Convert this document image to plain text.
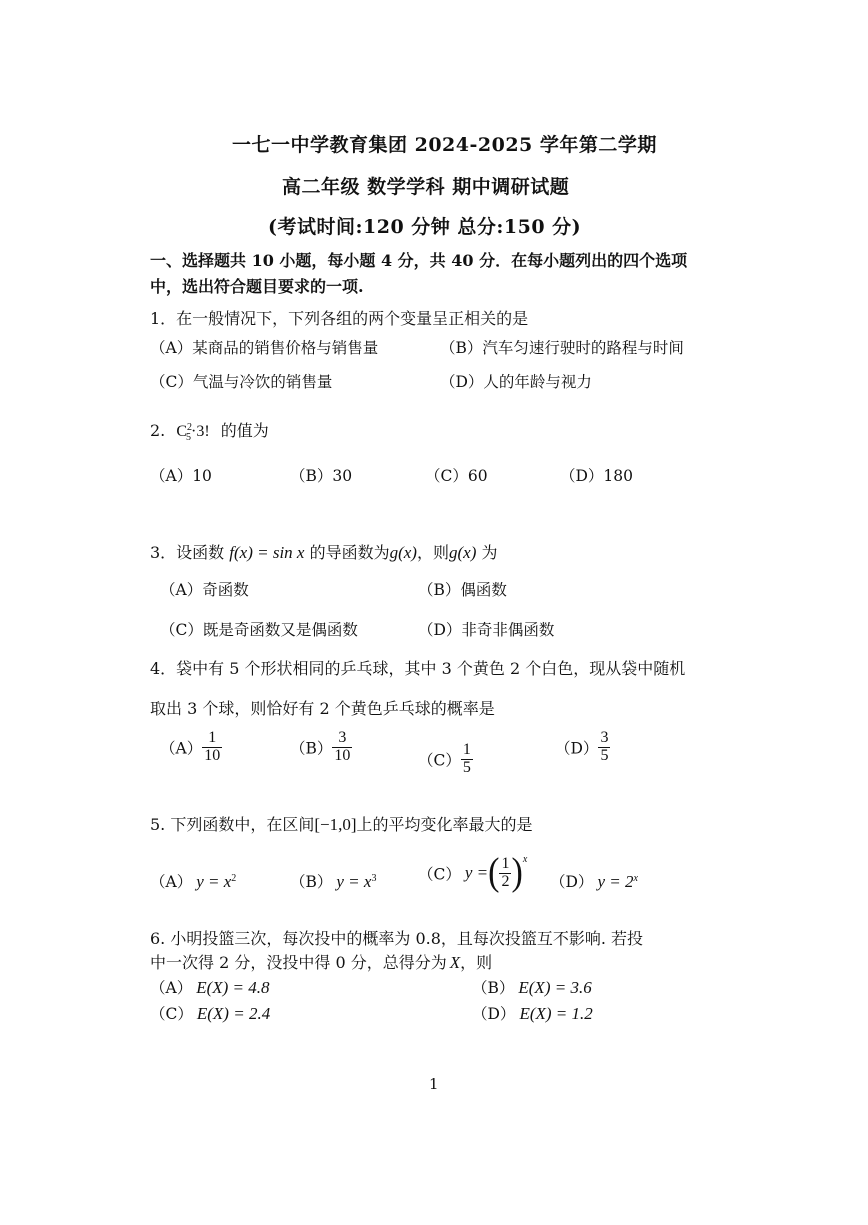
一七一中学教育集团 2024-2025 学年第二学期
高二年级 数学学科 期中调研试题
(考试时间:120 分钟 总分:150 分)
一、选择题共 10 小题，每小题 4 分，共 40 分．在每小题列出的四个选项
中，选出符合题目要求的一项.
1．在一般情况下，下列各组的两个变量呈正相关的是
（A）某商品的销售价格与销售量	（B）汽车匀速行驶时的路程与时间
（C）气温与冷饮的销售量	（D）人的年龄与视力
2. $C^2_5\cdot 3$! 的值为
（A）10	（B）30	（C）60	（D）180
3．设函数 f(x) = sin x 的导函数为g(x)，则g(x) 为
（A）奇函数	（B）偶函数
（C）既是奇函数又是偶函数	（D）非奇非偶函数
4．袋中有 5 个形状相同的乒乓球，其中 3 个黄色 2 个白色，现从袋中随机
取出 3 个球，则恰好有 2 个黄色乒乓球的概率是
$(A) \frac{1}{10}$	$(B) \frac{3}{10}$	$(C) \frac{1}{5}$	$(D) \frac{3}{5}$
5. 下列函数中，在区间[−1,0]上的平均变化率最大的是
（A） $y = x^2$	（B） $y = x^3$	（C） y =( $\frac{1}{2} )^x$
（D） $y = 2^x$
6. 小明投篮三次，每次投中的概率为 0.8，且每次投篮互不影响. 若投
中一次得 2 分，没投中得 0 分，总得分为 X，则
（A） E(X) = 4.8	（B） E(X) = 3.6
（C） E(X) = 2.4	（D） E(X) = 1.2
1
